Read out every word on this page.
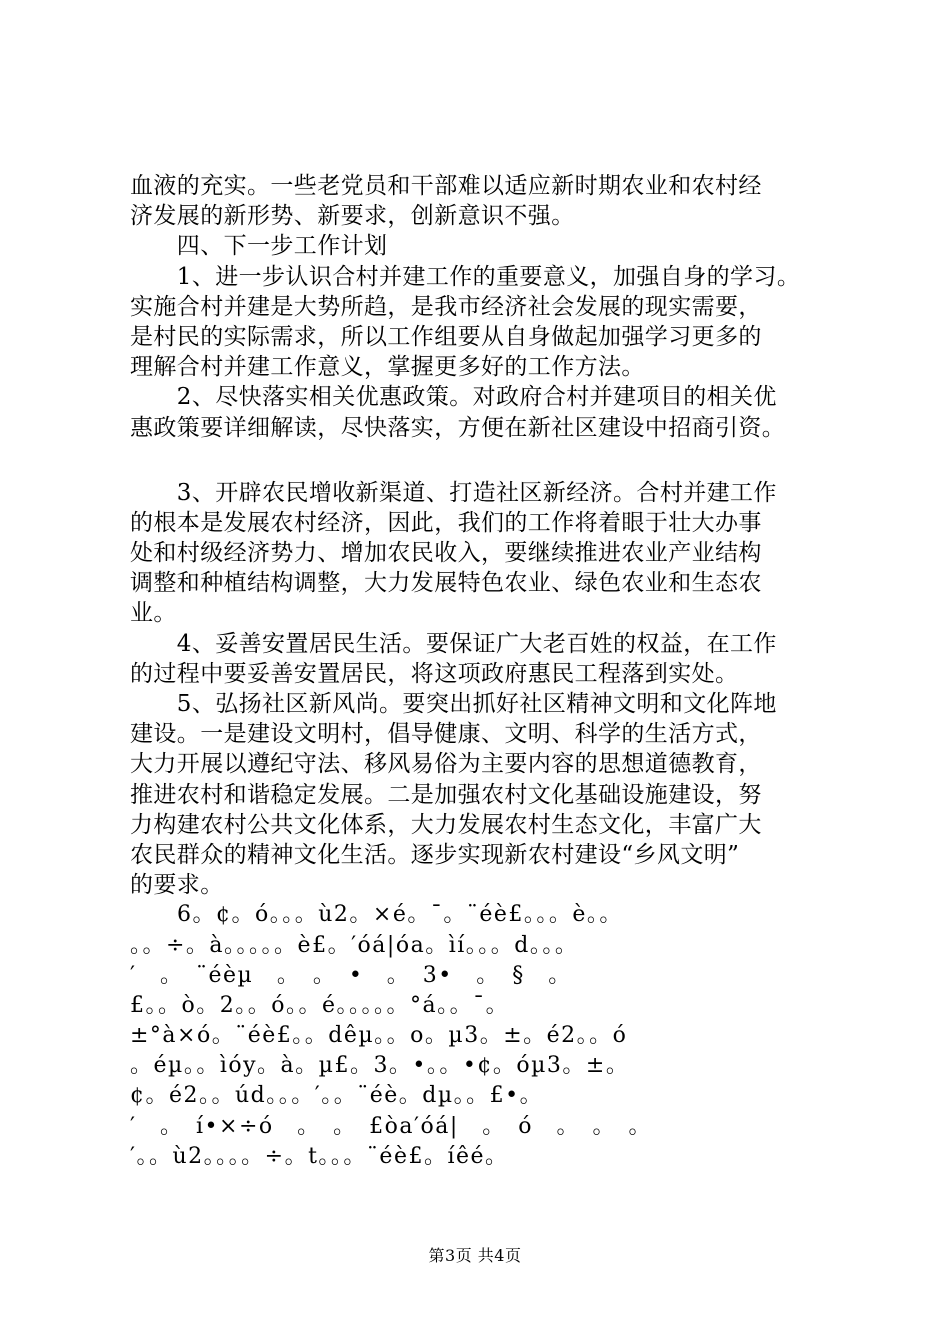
血液的充实。一些老党员和干部难以适应新时期农业和农村经
济发展的新形势、新要求，创新意识不强。
　　四、下一步工作计划
　　1、进一步认识合村并建工作的重要意义，加强自身的学习。
实施合村并建是大势所趋，是我市经济社会发展的现实需要，
是村民的实际需求，所以工作组要从自身做起加强学习更多的
理解合村并建工作意义，掌握更多好的工作方法。
　　2、尽快落实相关优惠政策。对政府合村并建项目的相关优
惠政策要详细解读，尽快落实，方便在新社区建设中招商引资。
　　3、开辟农民增收新渠道、打造社区新经济。合村并建工作
的根本是发展农村经济，因此，我们的工作将着眼于壮大办事
处和村级经济势力、增加农民收入，要继续推进农业产业结构
调整和种植结构调整，大力发展特色农业、绿色农业和生态农
业。
　　4、妥善安置居民生活。要保证广大老百姓的权益，在工作
的过程中要妥善安置居民，将这项政府惠民工程落到实处。
　　5、弘扬社区新风尚。要突出抓好社区精神文明和文化阵地
建设。一是建设文明村，倡导健康、文明、科学的生活方式，
大力开展以遵纪守法、移风易俗为主要内容的思想道德教育，
推进农村和谐稳定发展。二是加强农村文化基础设施建设，努
力构建农村公共文化体系，大力发展农村生态文化，丰富广大
农民群众的精神文化生活。逐步实现新农村建设“乡风文明”
的要求。
　　6。¢。ó。。。ù2。×é。¯。¨éè£。。。è。。
。。÷。à。。。。。è£。′óá|óa。ìí。。。d。。。
′　。　¨éèµ　。　。　•　。　3•　。　§　。
£。。ò。2。。ó。。é。。。。。°á。。¯。
±°à×ó。¨éè£。。dêµ。。o。µ3。±。é2。。ó
。éµ。。ìóy。à。µ£。3。•。。•¢。óµ3。±。
¢。é2。。úd。。。′。。¨éè。dµ。。£•。
′　。　í•×÷ó　。　。　£òa′óá|　。　ó　。　。　。
′。。ù2。。。。÷。t。。。¨éè£。íêé。
第3页 共4页
